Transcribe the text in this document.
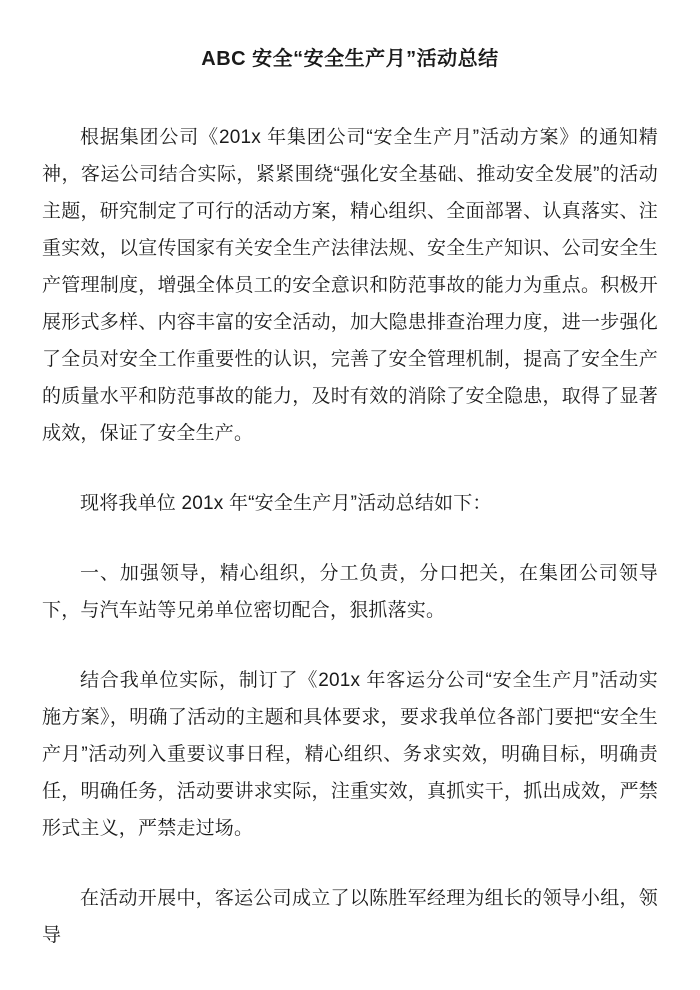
ABC 安全“安全生产月”活动总结

根据集团公司《201x 年集团公司“安全生产月”活动方案》的通知精神，客运公司结合实际，紧紧围绕“强化安全基础、推动安全发展”的活动主题，研究制定了可行的活动方案，精心组织、全面部署、认真落实、注重实效，以宣传国家有关安全生产法律法规、安全生产知识、公司安全生产管理制度，增强全体员工的安全意识和防范事故的能力为重点。积极开展形式多样、内容丰富的安全活动，加大隐患排查治理力度，进一步强化了全员对安全工作重要性的认识，完善了安全管理机制，提高了安全生产的质量水平和防范事故的能力，及时有效的消除了安全隐患，取得了显著成效，保证了安全生产。

现将我单位 201x 年“安全生产月”活动总结如下：

一、加强领导，精心组织，分工负责，分口把关，在集团公司领导下，与汽车站等兄弟单位密切配合，狠抓落实。

结合我单位实际，制订了《201x 年客运分公司“安全生产月”活动实施方案》，明确了活动的主题和具体要求，要求我单位各部门要把“安全生产月”活动列入重要议事日程，精心组织、务求实效，明确目标，明确责任，明确任务，活动要讲求实际，注重实效，真抓实干，抓出成效，严禁形式主义，严禁走过场。

在活动开展中，客运公司成立了以陈胜军经理为组长的领导小组，领导
